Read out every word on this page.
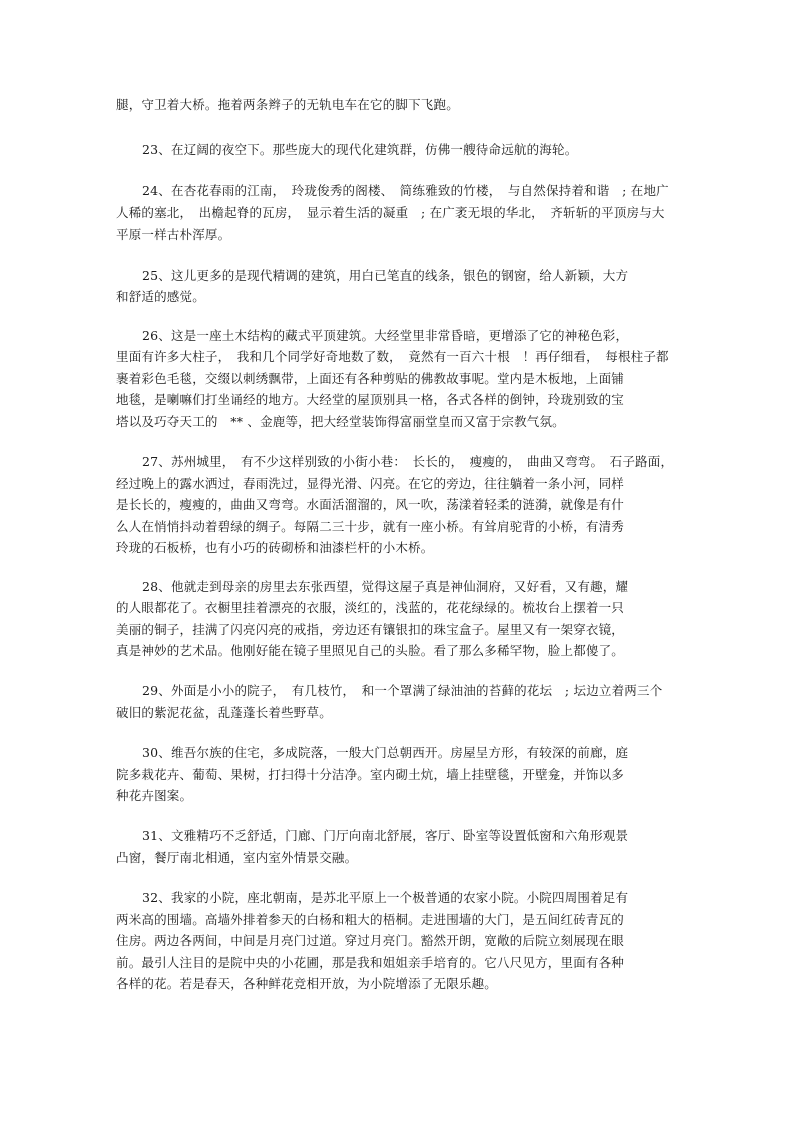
腿，守卫着大桥。拖着两条辫子的无轨电车在它的脚下飞跑。
23、在辽阔的夜空下。那些庞大的现代化建筑群，仿佛一艘待命远航的海轮。
24、在杏花春雨的江南，　玲珑俊秀的阁楼、　简练雅致的竹楼，　与自然保持着和谐　; 在地广
人稀的塞北，　出檐起脊的瓦房，　显示着生活的凝重　; 在广袤无垠的华北，　齐斩斩的平顶房与大
平原一样古朴浑厚。
25、这儿更多的是现代精调的建筑，用白已笔直的线条，银色的钢窗，给人新颖，大方
和舒适的感觉。
26、这是一座土木结构的藏式平顶建筑。大经堂里非常昏暗，更增添了它的神秘色彩，
里面有许多大柱子，　我和几个同学好奇地数了数，　竟然有一百六十根　！再仔细看，　每根柱子都
裹着彩色毛毯，交缀以刺绣飘带，上面还有各种剪贴的佛教故事呢。堂内是木板地，上面铺
地毯，是喇嘛们打坐诵经的地方。大经堂的屋顶别具一格，各式各样的倒钟，玲珑别致的宝
塔以及巧夺天工的　** 、金鹿等，把大经堂装饰得富丽堂皇而又富于宗教气氛。
27、苏州城里，　有不少这样别致的小街小巷：　长长的，　瘦瘦的，　曲曲又弯弯。　石子路面，
经过晚上的露水洒过，春雨洗过，显得光滑、闪亮。在它的旁边，往往躺着一条小河，同样
是长长的，瘦瘦的，曲曲又弯弯。水面活溜溜的，风一吹，荡漾着轻柔的涟漪，就像是有什
么人在悄悄抖动着碧绿的绸子。每隔二三十步，就有一座小桥。有耸肩驼背的小桥，有清秀
玲珑的石板桥，也有小巧的砖砌桥和油漆栏杆的小木桥。
28、他就走到母亲的房里去东张西望，觉得这屋子真是神仙洞府，又好看，又有趣，耀
的人眼都花了。衣橱里挂着漂亮的衣服，淡红的，浅蓝的，花花绿绿的。梳妆台上摆着一只
美丽的铜子，挂满了闪亮闪亮的戒指，旁边还有镶银扣的珠宝盒子。屋里又有一架穿衣镜，
真是神妙的艺术品。他刚好能在镜子里照见自己的头脸。看了那么多稀罕物，脸上都傻了。
29、外面是小小的院子，　有几枝竹，　和一个罩满了绿油油的苔藓的花坛　; 坛边立着两三个
破旧的紫泥花盆，乱蓬蓬长着些野草。
30、维吾尔族的住宅，多成院落，一般大门总朝西开。房屋呈方形，有较深的前廊，庭
院多栽花卉、葡萄、果树，打扫得十分洁净。室内砌土炕，墙上挂壁毯，开壁龛，并饰以多
种花卉图案。
31、文雅精巧不乏舒适，门廊、门厅向南北舒展，客厅、卧室等设置低窗和六角形观景
凸窗，餐厅南北相通，室内室外情景交融。
32、我家的小院，座北朝南，是苏北平原上一个极普通的农家小院。小院四周围着足有
两米高的围墙。高墙外排着参天的白杨和粗大的梧桐。走进围墙的大门，是五间红砖青瓦的
住房。两边各两间，中间是月亮门过道。穿过月亮门。豁然开朗，宽敞的后院立刻展现在眼
前。最引人注目的是院中央的小花圃，那是我和姐姐亲手培育的。它八尺见方，里面有各种
各样的花。若是春天，各种鲜花竞相开放，为小院增添了无限乐趣。
